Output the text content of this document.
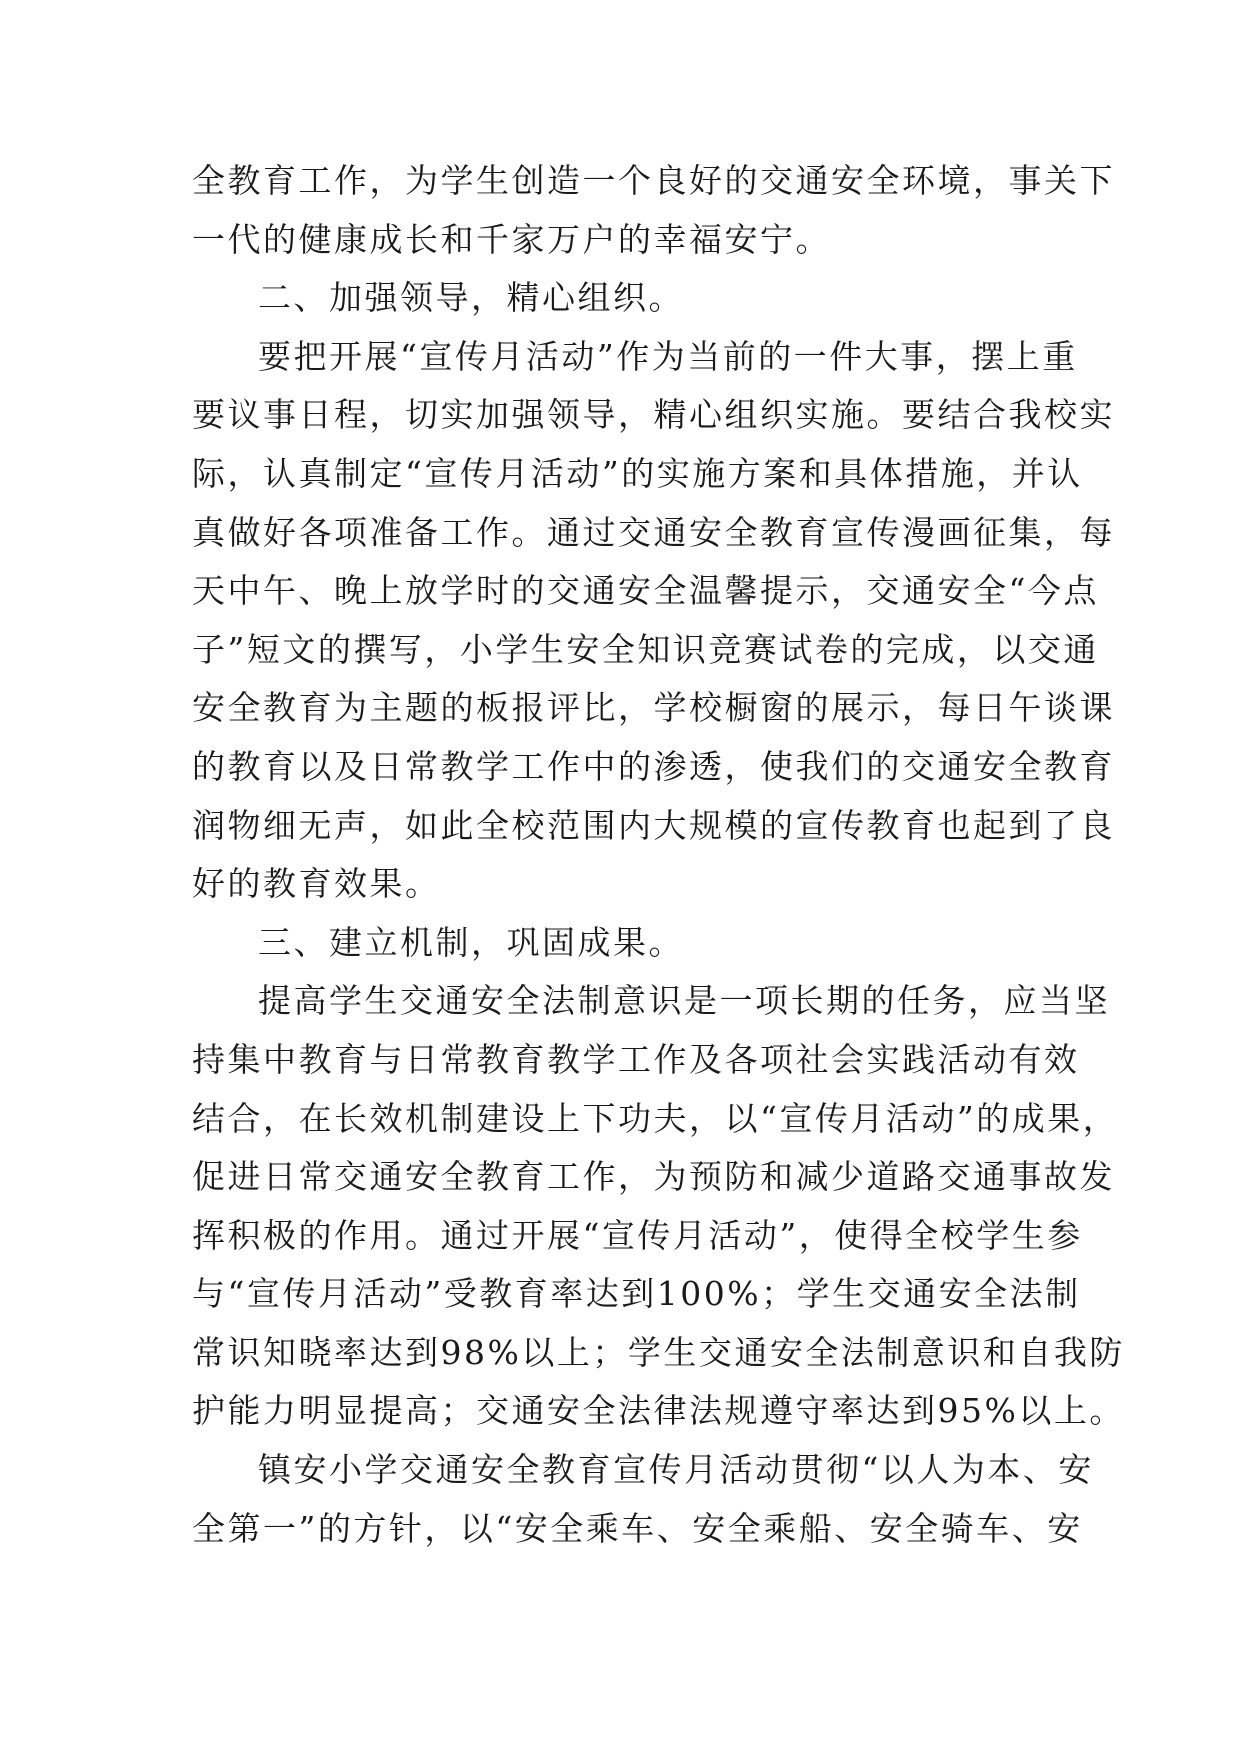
全教育工作，为学生创造一个良好的交通安全环境，事关下
一代的健康成长和千家万户的幸福安宁。
二、加强领导，精心组织。
要把开展“宣传月活动”作为当前的一件大事，摆上重
要议事日程，切实加强领导，精心组织实施。要结合我校实
际，认真制定“宣传月活动”的实施方案和具体措施，并认
真做好各项准备工作。通过交通安全教育宣传漫画征集，每
天中午、晚上放学时的交通安全温馨提示，交通安全“今点
子”短文的撰写，小学生安全知识竞赛试卷的完成，以交通
安全教育为主题的板报评比，学校橱窗的展示，每日午谈课
的教育以及日常教学工作中的渗透，使我们的交通安全教育
润物细无声，如此全校范围内大规模的宣传教育也起到了良
好的教育效果。
三、建立机制，巩固成果。
提高学生交通安全法制意识是一项长期的任务，应当坚
持集中教育与日常教育教学工作及各项社会实践活动有效
结合，在长效机制建设上下功夫，以“宣传月活动”的成果，
促进日常交通安全教育工作，为预防和减少道路交通事故发
挥积极的作用。通过开展“宣传月活动”，使得全校学生参
与“宣传月活动”受教育率达到100%；学生交通安全法制
常识知晓率达到98%以上；学生交通安全法制意识和自我防
护能力明显提高；交通安全法律法规遵守率达到95%以上。
镇安小学交通安全教育宣传月活动贯彻“以人为本、安
全第一”的方针，以“安全乘车、安全乘船、安全骑车、安
